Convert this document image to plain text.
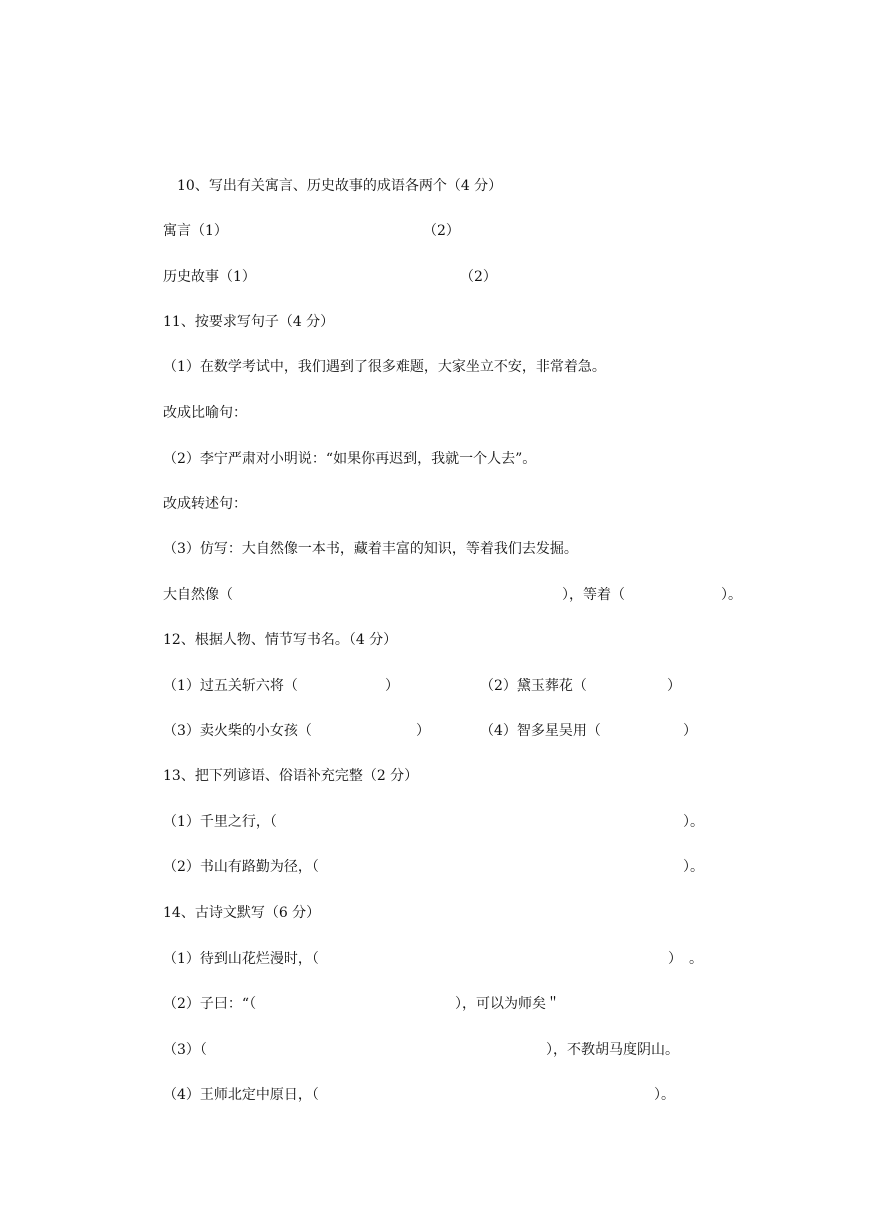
10、写出有关寓言、历史故事的成语各两个（4 分）
寓言（1）	（2）
历史故事（1）	（2）
11、按要求写句子（4 分）
（1）在数学考试中，我们遇到了很多难题，大家坐立不安，非常着急。
改成比喻句：
（2）李宁严肃对小明说：“如果你再迟到，我就一个人去”。
改成转述句：
（3）仿写：大自然像一本书，藏着丰富的知识，等着我们去发掘。
大自然像（	），等着（	）。
12、根据人物、情节写书名。（4 分）
（1）过五关斩六将（	）	（2）黛玉葬花（	）
（3）卖火柴的小女孩（	）	（4）智多星吴用（	）
13、把下列谚语、俗语补充完整（2 分）
（1）千里之行，（	）。
（2）书山有路勤为径，（	）。
14、古诗文默写（6 分）
（1）待到山花烂漫时，（	）　。
（2）子曰：“（	），可以为师矣＂
（3）（	），不教胡马度阴山。
（4）王师北定中原日，（	）。
